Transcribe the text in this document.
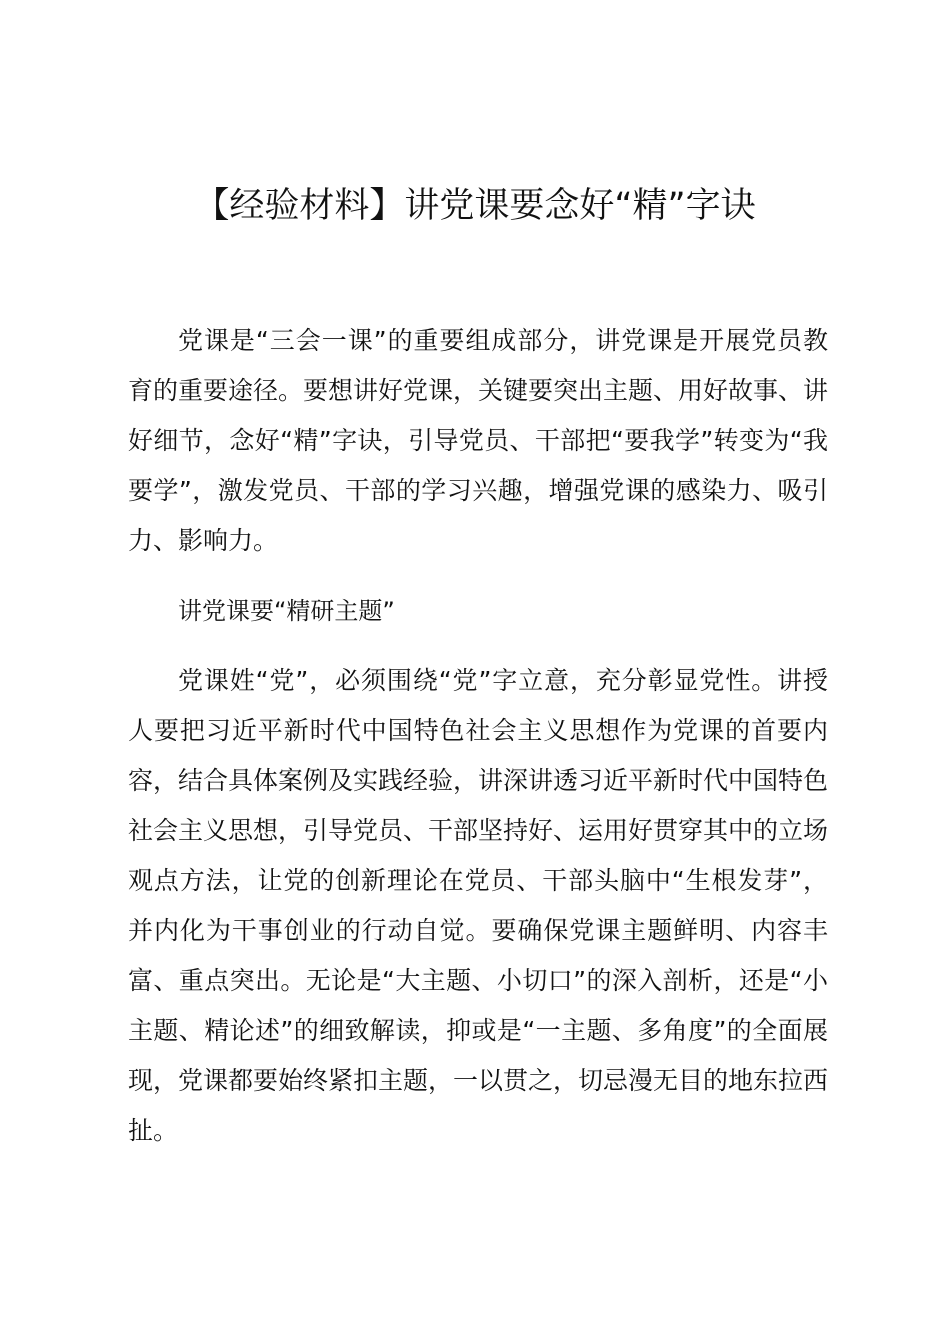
【经验材料】讲党课要念好“精”字诀

党课是“三会一课”的重要组成部分，讲党课是开展党员教育的重要途径。要想讲好党课，关键要突出主题、用好故事、讲好细节，念好“精”字诀，引导党员、干部把“要我学”转变为“我要学”，激发党员、干部的学习兴趣，增强党课的感染力、吸引力、影响力。

讲党课要“精研主题”

党课姓“党”，必须围绕“党”字立意，充分彰显党性。讲授人要把习近平新时代中国特色社会主义思想作为党课的首要内容，结合具体案例及实践经验，讲深讲透习近平新时代中国特色社会主义思想，引导党员、干部坚持好、运用好贯穿其中的立场观点方法，让党的创新理论在党员、干部头脑中“生根发芽”，并内化为干事创业的行动自觉。要确保党课主题鲜明、内容丰富、重点突出。无论是“大主题、小切口”的深入剖析，还是“小主题、精论述”的细致解读，抑或是“一主题、多角度”的全面展现，党课都要始终紧扣主题，一以贯之，切忌漫无目的地东拉西扯。
